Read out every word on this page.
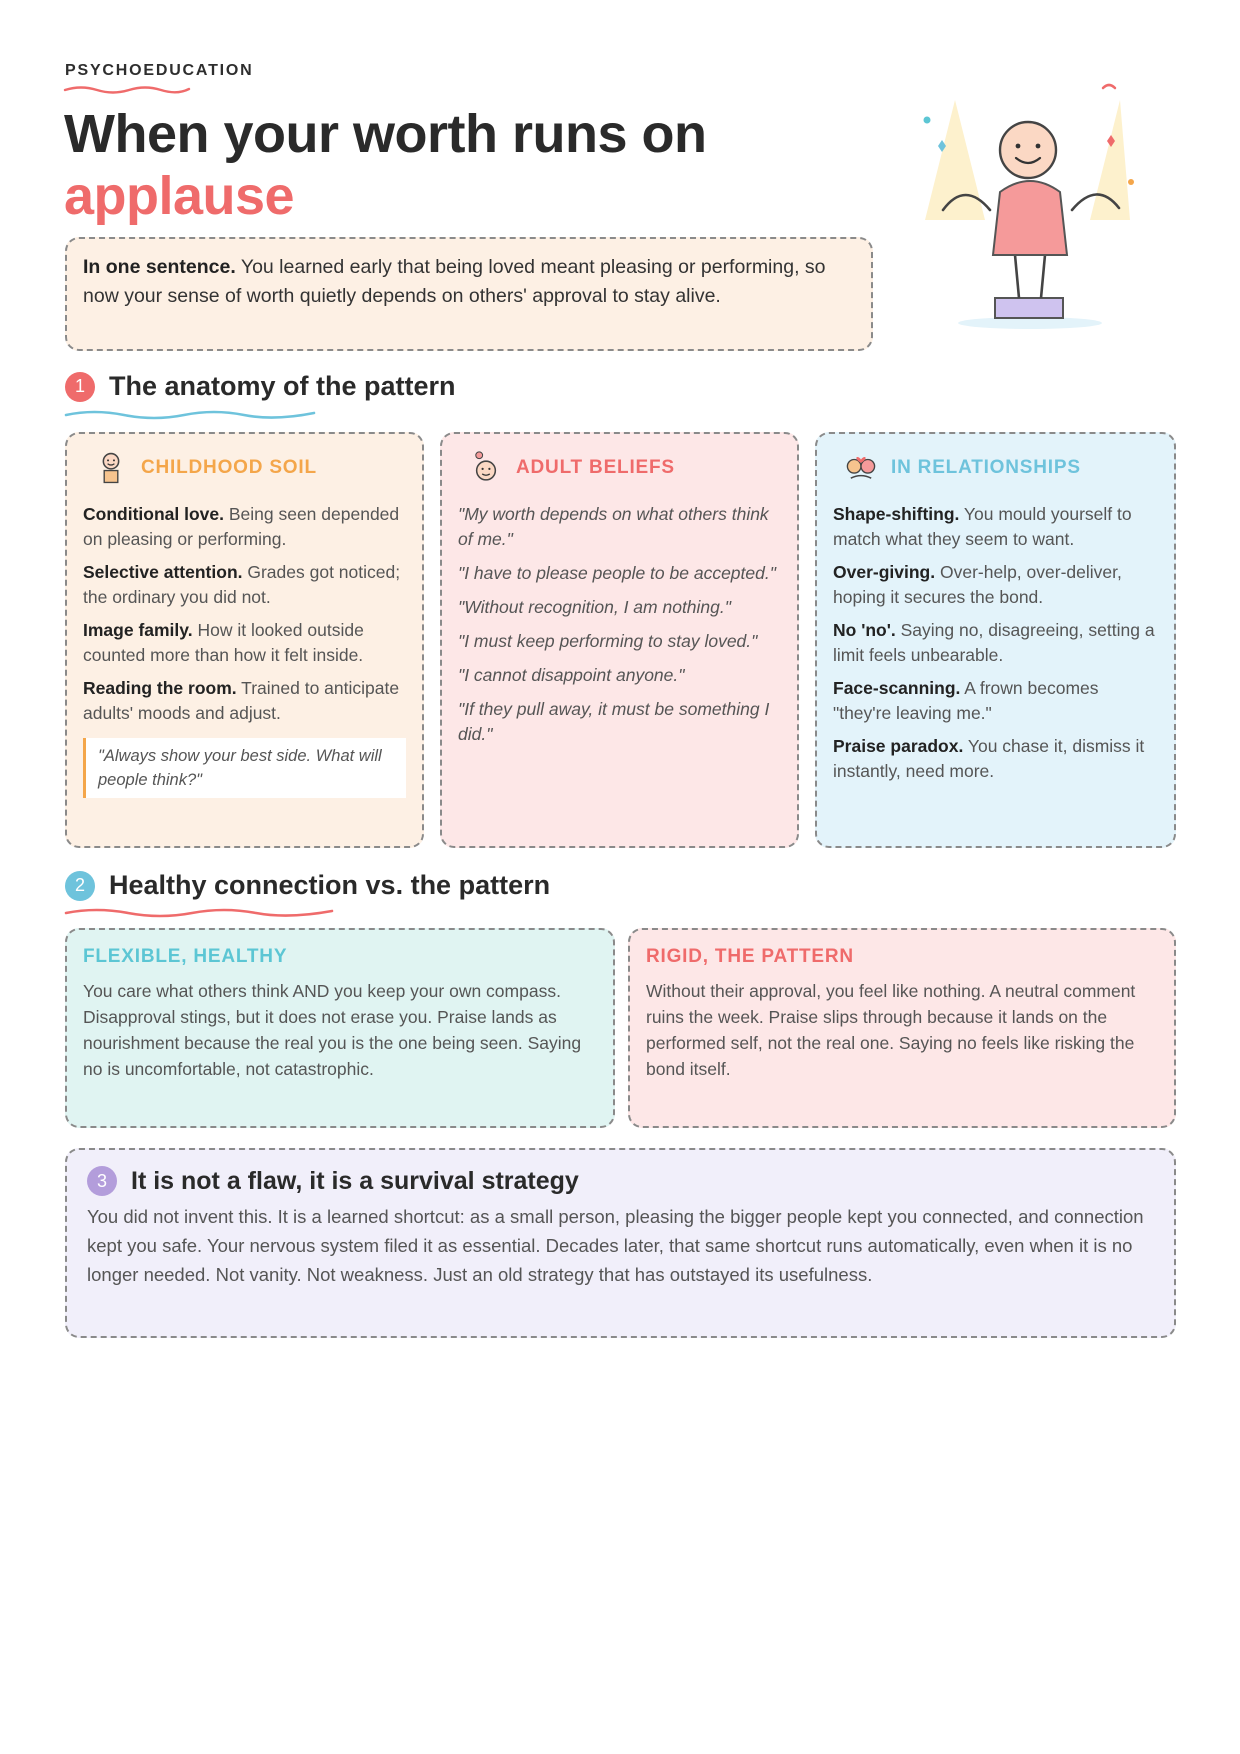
PSYCHOEDUCATION
When your worth runs on
applause
In one sentence. You learned early that being loved meant pleasing or performing, so now your sense of worth quietly depends on others' approval to stay alive.
1 The anatomy of the pattern
CHILDHOOD SOIL
Conditional love. Being seen depended on pleasing or performing.
Selective attention. Grades got noticed; the ordinary you did not.
Image family. How it looked outside counted more than how it felt inside.
Reading the room. Trained to anticipate adults' moods and adjust.
"Always show your best side. What will people think?"
ADULT BELIEFS
"My worth depends on what others think of me."
"I have to please people to be accepted."
"Without recognition, I am nothing."
"I must keep performing to stay loved."
"I cannot disappoint anyone."
"If they pull away, it must be something I did."
IN RELATIONSHIPS
Shape-shifting. You mould yourself to match what they seem to want.
Over-giving. Over-help, over-deliver, hoping it secures the bond.
No 'no'. Saying no, disagreeing, setting a limit feels unbearable.
Face-scanning. A frown becomes "they're leaving me."
Praise paradox. You chase it, dismiss it instantly, need more.
2 Healthy connection vs. the pattern
FLEXIBLE, HEALTHY
You care what others think AND you keep your own compass. Disapproval stings, but it does not erase you. Praise lands as nourishment because the real you is the one being seen. Saying no is uncomfortable, not catastrophic.
RIGID, THE PATTERN
Without their approval, you feel like nothing. A neutral comment ruins the week. Praise slips through because it lands on the performed self, not the real one. Saying no feels like risking the bond itself.
3 It is not a flaw, it is a survival strategy
You did not invent this. It is a learned shortcut: as a small person, pleasing the bigger people kept you connected, and connection kept you safe. Your nervous system filed it as essential. Decades later, that same shortcut runs automatically, even when it is no longer needed. Not vanity. Not weakness. Just an old strategy that has outstayed its usefulness.
